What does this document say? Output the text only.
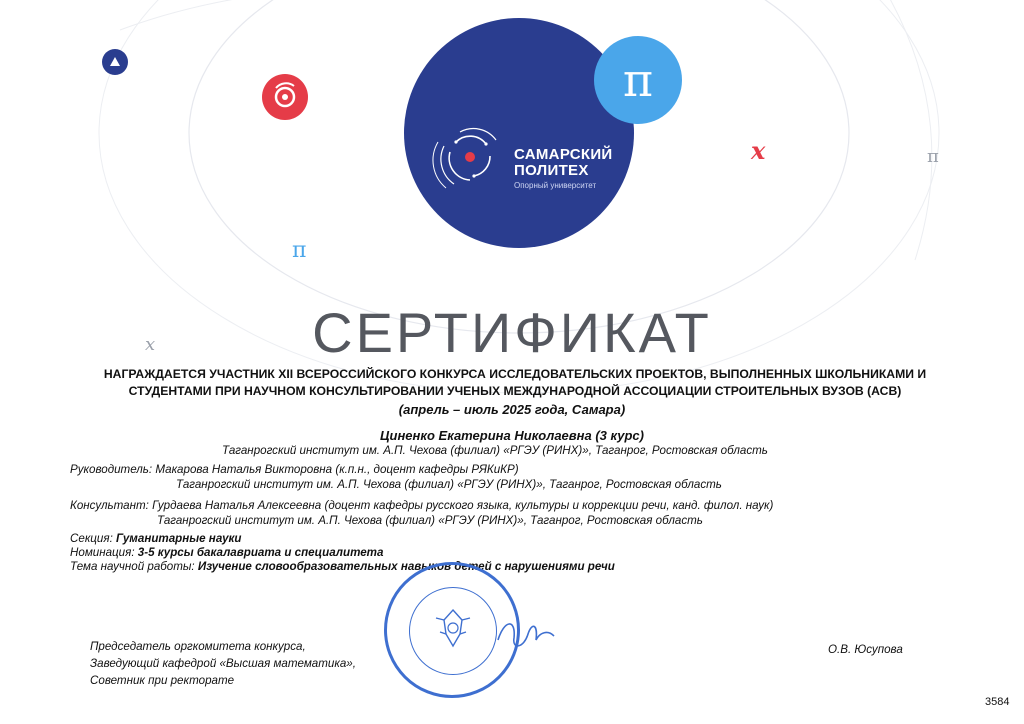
САМАРСКИЙ
ПОЛИТЕХ
Опорный университет
π
x	π
π
x	СЕРТИФИКАТ
НАГРАЖДАЕТСЯ УЧАСТНИК XII ВСЕРОССИЙСКОГО КОНКУРСА ИССЛЕДОВАТЕЛЬСКИХ ПРОЕКТОВ, ВЫПОЛНЕННЫХ ШКОЛЬНИКАМИ И
СТУДЕНТАМИ ПРИ НАУЧНОМ КОНСУЛЬТИРОВАНИИ УЧЕНЫХ МЕЖДУНАРОДНОЙ АССОЦИАЦИИ СТРОИТЕЛЬНЫХ ВУЗОВ (АСВ)
(апрель – июль 2025 года, Самара)
Циненко Екатерина Николаевна (3 курс)
Таганрогский институт им. А.П. Чехова (филиал) «РГЭУ (РИНХ)», Таганрог, Ростовская область
Руководитель: Макарова Наталья Викторовна (к.п.н., доцент кафедры РЯКиКР)
Таганрогский институт им. А.П. Чехова (филиал) «РГЭУ (РИНХ)», Таганрог, Ростовская область
Консультант: Гурдаева Наталья Алексеевна (доцент кафедры русского языка, культуры и коррекции речи, канд. филол. наук)
Таганрогский институт им. А.П. Чехова (филиал) «РГЭУ (РИНХ)», Таганрог, Ростовская область
Секция: Гуманитарные науки
Номинация: 3-5 курсы бакалавриата и специалитета
Тема научной работы: Изучение словообразовательных навыков детей с нарушениями речи
Председатель оргкомитета конкурса,
Заведующий кафедрой «Высшая математика»,
Советник при ректорате
О.В. Юсупова
3584
